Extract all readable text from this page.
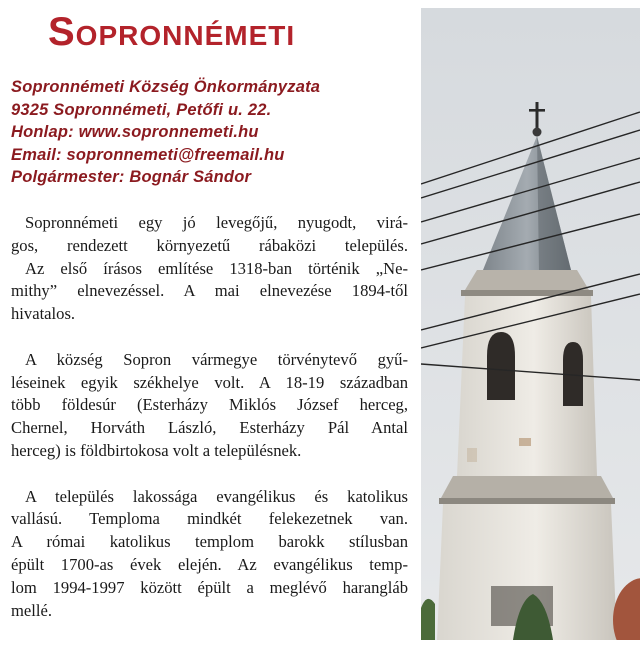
Sopronnémeti
Sopronnémeti Község Önkormányzata
9325 Sopronnémeti, Petőfi u. 22.
Honlap: www.sopronnemeti.hu
Email: sopronnemeti@freemail.hu
Polgármester: Bognár Sándor

Sopronnémeti egy jó levegőjű, nyugodt, virá-
gos, rendezett környezetű rábaközi település.
Az első írásos említése 1318-ban történik „Ne-
mithy” elnevezéssel. A mai elnevezése 1894-től
hivatalos.

A község Sopron vármegye törvénytevő gyű-
léseinek egyik székhelye volt. A 18-19 században
több földesúr (Esterházy Miklós József herceg,
Chernel, Horváth László, Esterházy Pál Antal
herceg) is földbirtokosa volt a településnek.

A település lakossága evangélikus és katolikus
vallású. Temploma mindkét felekezetnek van.
A római katolikus templom barokk stílusban
épült 1700-as évek elején. Az evangélikus temp-
lom 1994-1997 között épült a meglévő harangláb
mellé.
